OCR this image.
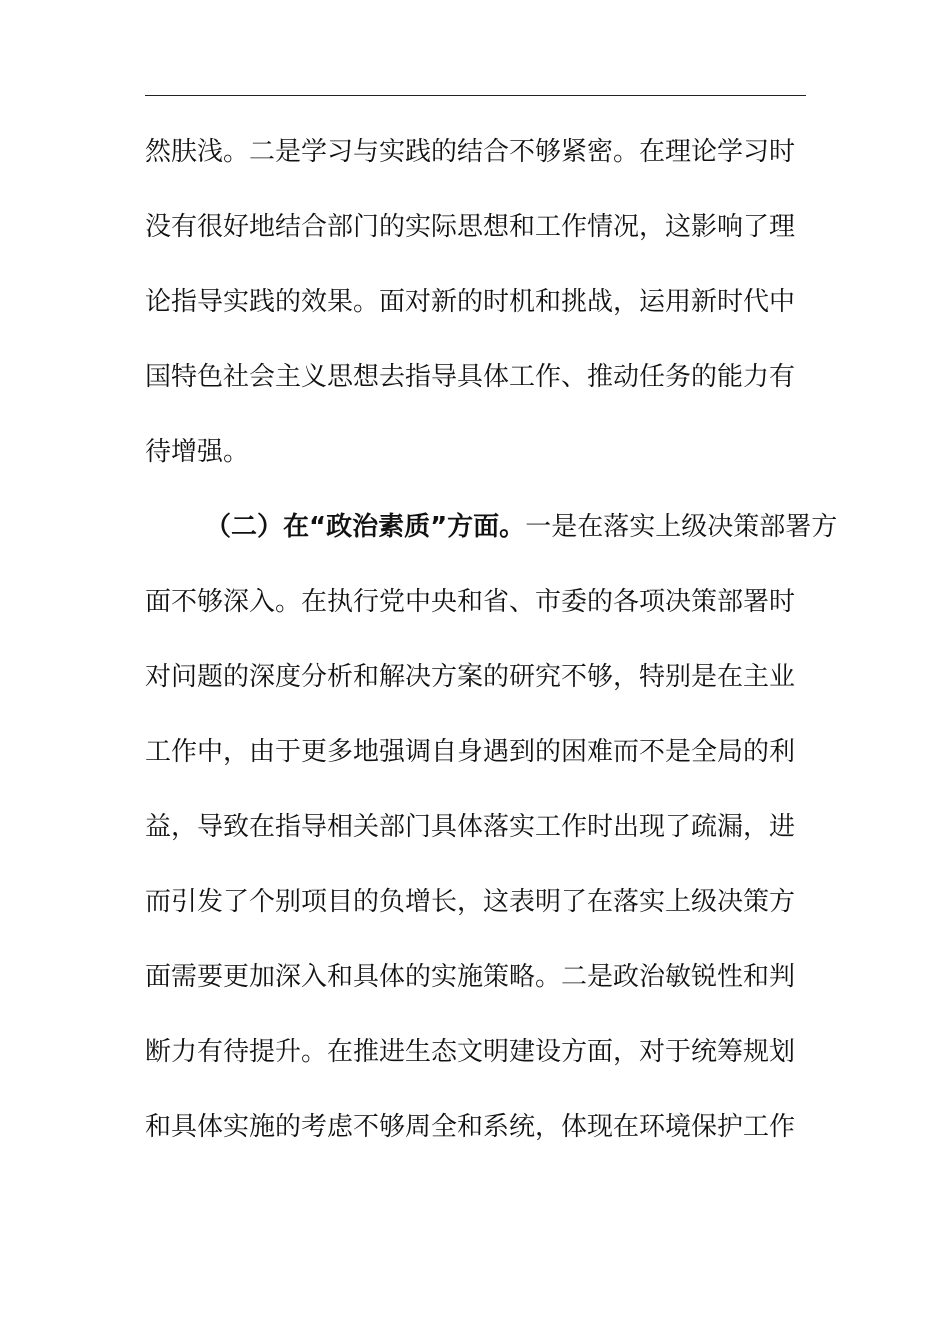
然肤浅。二是学习与实践的结合不够紧密。在理论学习时
没有很好地结合部门的实际思想和工作情况，这影响了理
论指导实践的效果。面对新的时机和挑战，运用新时代中
国特色社会主义思想去指导具体工作、推动任务的能力有
待增强。
（二）在“政治素质”方面。一是在落实上级决策部署方
面不够深入。在执行党中央和省、市委的各项决策部署时
对问题的深度分析和解决方案的研究不够，特别是在主业
工作中，由于更多地强调自身遇到的困难而不是全局的利
益，导致在指导相关部门具体落实工作时出现了疏漏，进
而引发了个别项目的负增长，这表明了在落实上级决策方
面需要更加深入和具体的实施策略。二是政治敏锐性和判
断力有待提升。在推进生态文明建设方面，对于统筹规划
和具体实施的考虑不够周全和系统，体现在环境保护工作
